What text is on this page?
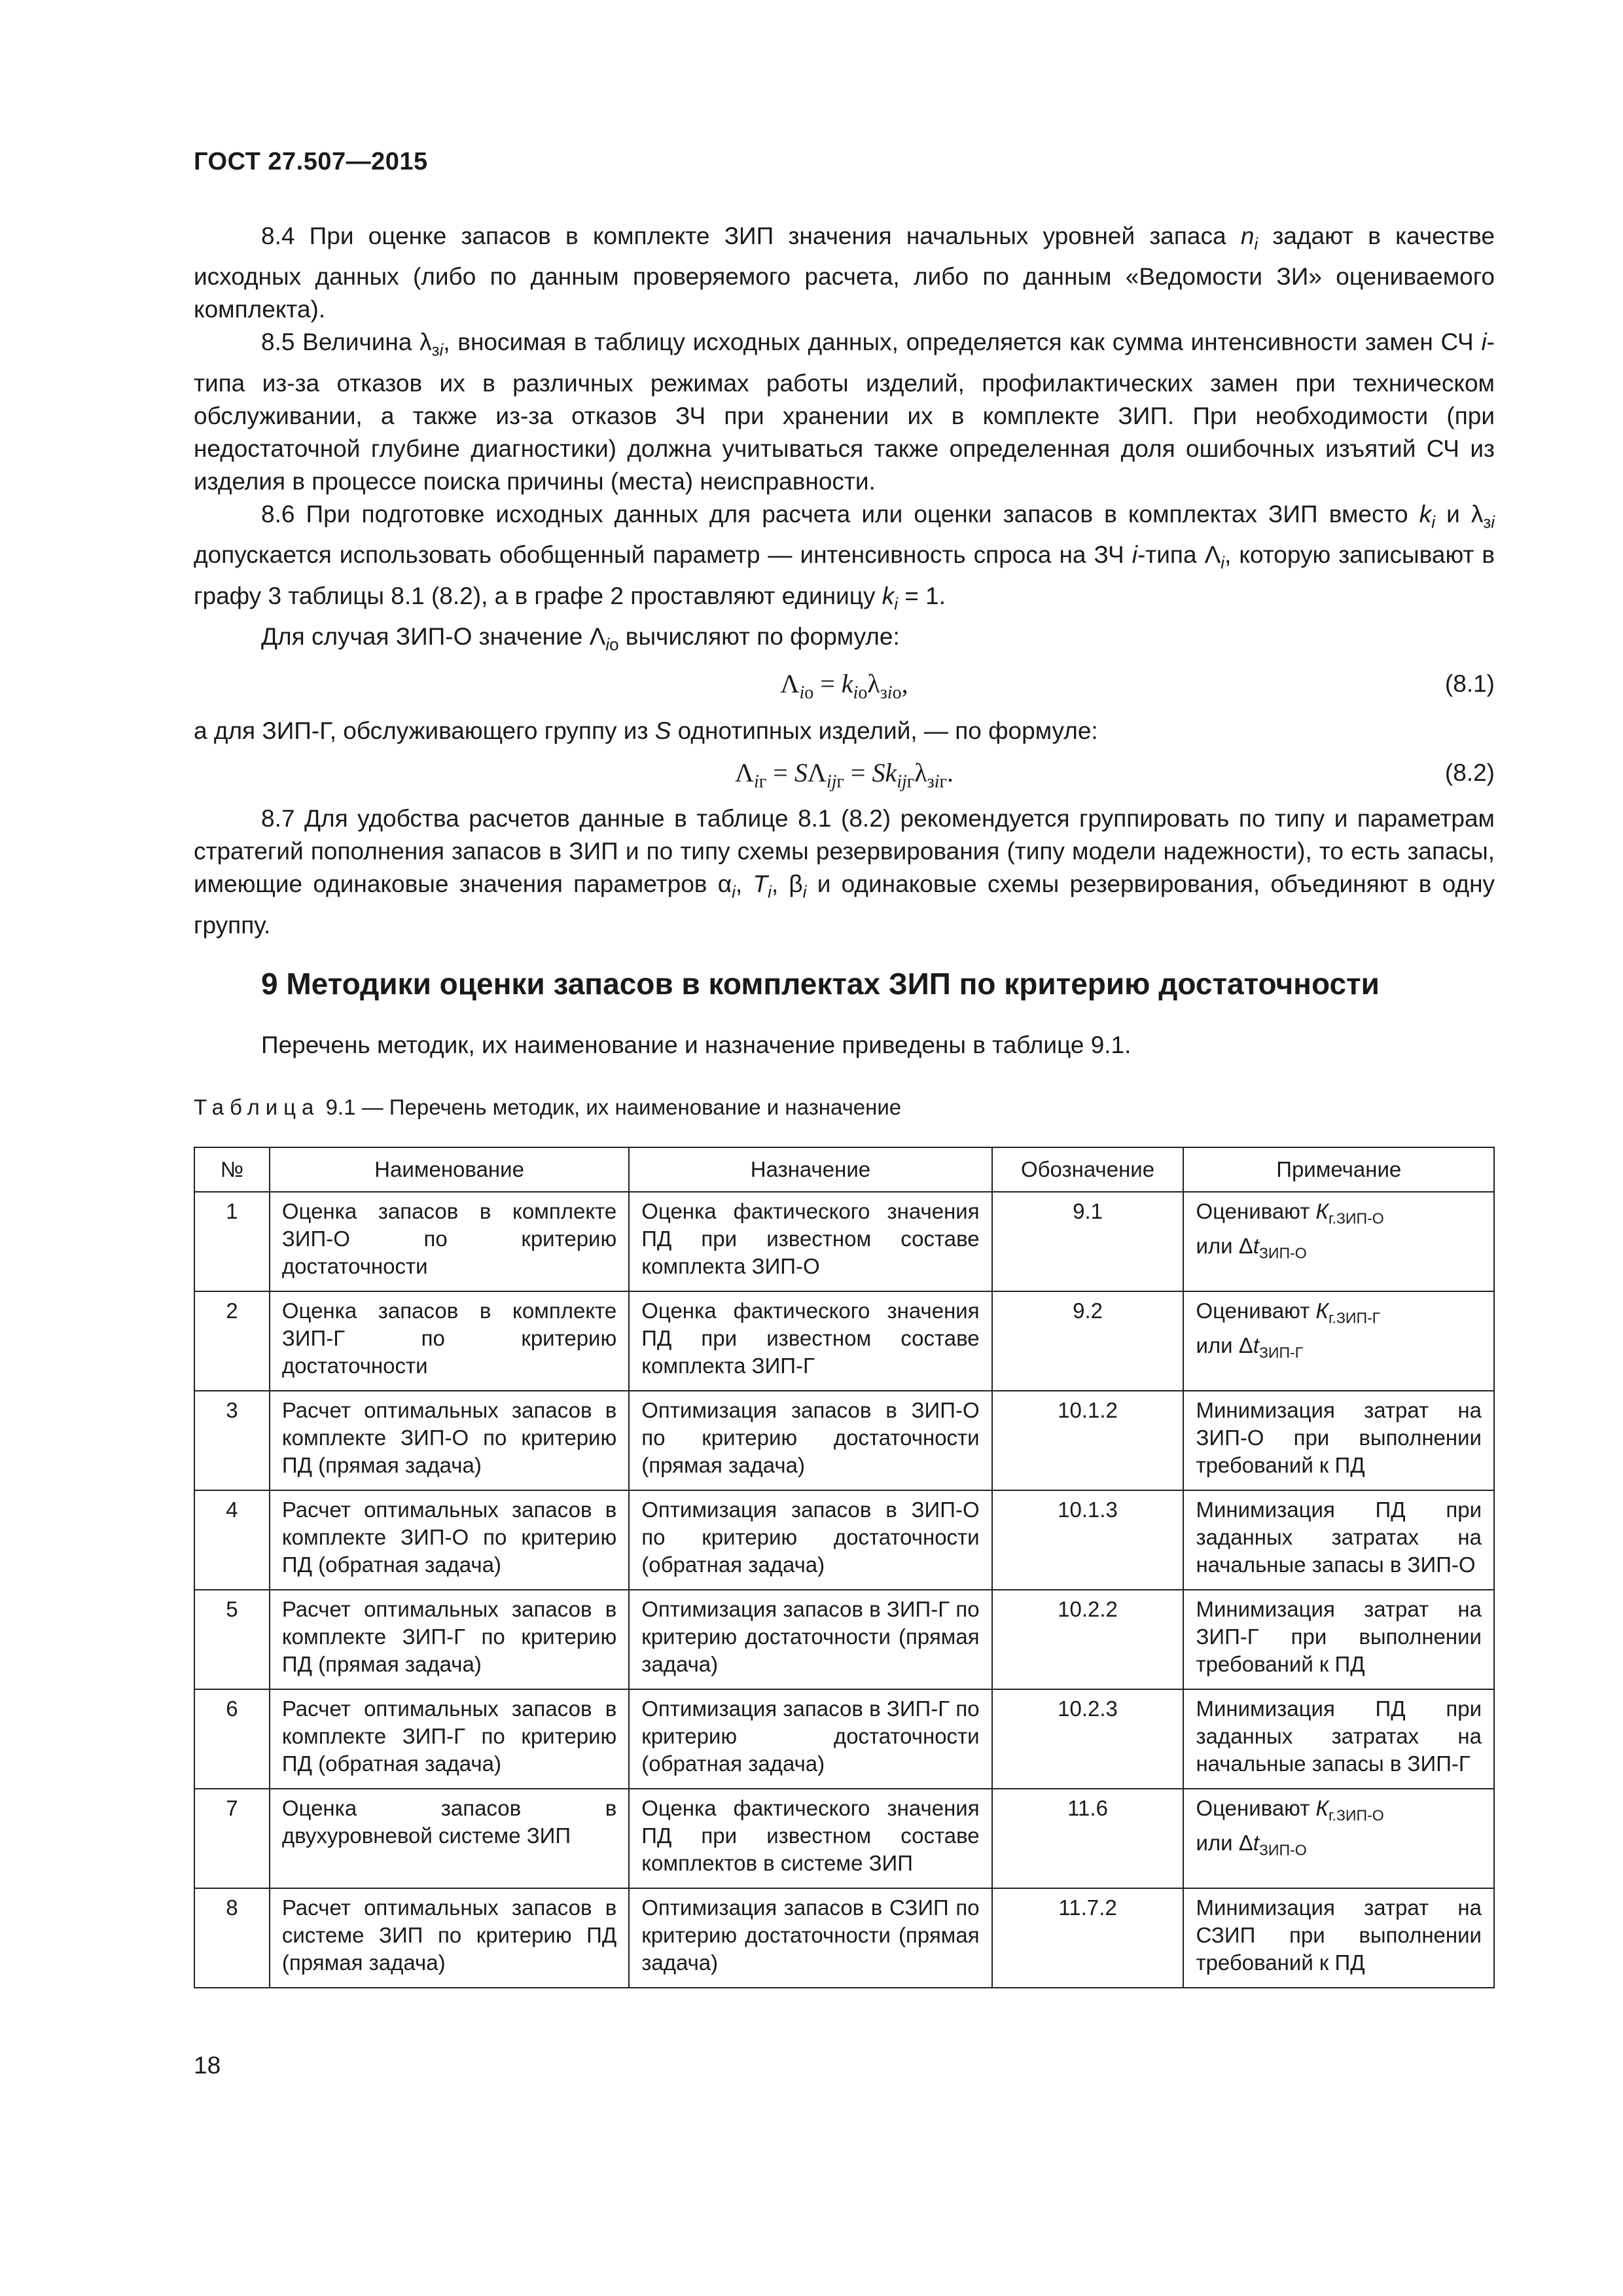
ГОСТ 27.507—2015

8.4 При оценке запасов в комплекте ЗИП значения начальных уровней запаса $n_i$ задают в качестве исходных данных (либо по данным проверяемого расчета, либо по данным «Ведомости ЗИ» оцениваемого комплекта).

8.5 Величина $\lambda_{зi}$, вносимая в таблицу исходных данных, определяется как сумма интенсивности замен СЧ i-типа из-за отказов их в различных режимах работы изделий, профилактических замен при техническом обслуживании, а также из-за отказов ЗЧ при хранении их в комплекте ЗИП. При необходимости (при недостаточной глубине диагностики) должна учитываться также определенная доля ошибочных изъятий СЧ из изделия в процессе поиска причины (места) неисправности.

8.6 При подготовке исходных данных для расчета или оценки запасов в комплектах ЗИП вместо $k_i$ и $\lambda_{зi}$ допускается использовать обобщенный параметр — интенсивность спроса на ЗЧ i-типа $\Lambda_i$, которую записывают в графу 3 таблицы 8.1 (8.2), а в графе 2 проставляют единицу $k_i = 1$.

Для случая ЗИП-О значение $\Lambda_{iо}$ вычисляют по формуле:

$\Lambda_{iо} = k_{iо}\lambda_{зiо}$,	(8.1)

а для ЗИП-Г, обслуживающего группу из S однотипных изделий, — по формуле:

$\Lambda_{iг} = S\Lambda_{ijг} = Sk_{ijг}\lambda_{зiг}$.	(8.2)

8.7 Для удобства расчетов данные в таблице 8.1 (8.2) рекомендуется группировать по типу и параметрам стратегий пополнения запасов в ЗИП и по типу схемы резервирования (типу модели надежности), то есть запасы, имеющие одинаковые значения параметров $\alpha_i$, $T_i$, $\beta_i$ и одинаковые схемы резервирования, объединяют в одну группу.

9 Методики оценки запасов в комплектах ЗИП по критерию достаточности
Перечень методик, их наименование и назначение приведены в таблице 9.1.
Таблица 9.1 — Перечень методик, их наименование и назначение
№	Наименование	Назначение	Обозначение	Примечание
1	Оценка запасов в комплекте ЗИП-О по критерию достаточности	Оценка фактического значения ПД при известном составе комплекта ЗИП-О	9.1	Оценивают $К_{г.ЗИП-О}$
или $\Delta t_{ЗИП-О}$
2	Оценка запасов в комплекте ЗИП-Г по критерию достаточности	Оценка фактического значения ПД при известном составе комплекта ЗИП-Г	9.2	Оценивают $К_{г.ЗИП-Г}$
или $\Delta t_{ЗИП-Г}$
3	Расчет оптимальных запасов в комплекте ЗИП-О по критерию ПД (прямая задача)	Оптимизация запасов в ЗИП-О по критерию достаточности (прямая задача)	10.1.2	Минимизация затрат на ЗИП-О при выполнении требований к ПД
4	Расчет оптимальных запасов в комплекте ЗИП-О по критерию ПД (обратная задача)	Оптимизация запасов в ЗИП-О по критерию достаточности (обратная задача)	10.1.3	Минимизация ПД при заданных затратах на начальные запасы в ЗИП-О
5	Расчет оптимальных запасов в комплекте ЗИП-Г по критерию ПД (прямая задача)	Оптимизация запасов в ЗИП-Г по критерию достаточности (прямая задача)	10.2.2	Минимизация затрат на ЗИП-Г при выполнении требований к ПД
6	Расчет оптимальных запасов в комплекте ЗИП-Г по критерию ПД (обратная задача)	Оптимизация запасов в ЗИП-Г по критерию достаточности (обратная задача)	10.2.3	Минимизация ПД при заданных затратах на начальные запасы в ЗИП-Г
7	Оценка запасов в двухуровневой системе ЗИП	Оценка фактического значения ПД при известном составе комплектов в системе ЗИП	11.6	Оценивают $К_{г.ЗИП-О}$
или $\Delta t_{ЗИП-О}$
8	Расчет оптимальных запасов в системе ЗИП по критерию ПД (прямая задача)	Оптимизация запасов в СЗИП по критерию достаточности (прямая задача)	11.7.2	Минимизация затрат на СЗИП при выполнении требований к ПД
18
